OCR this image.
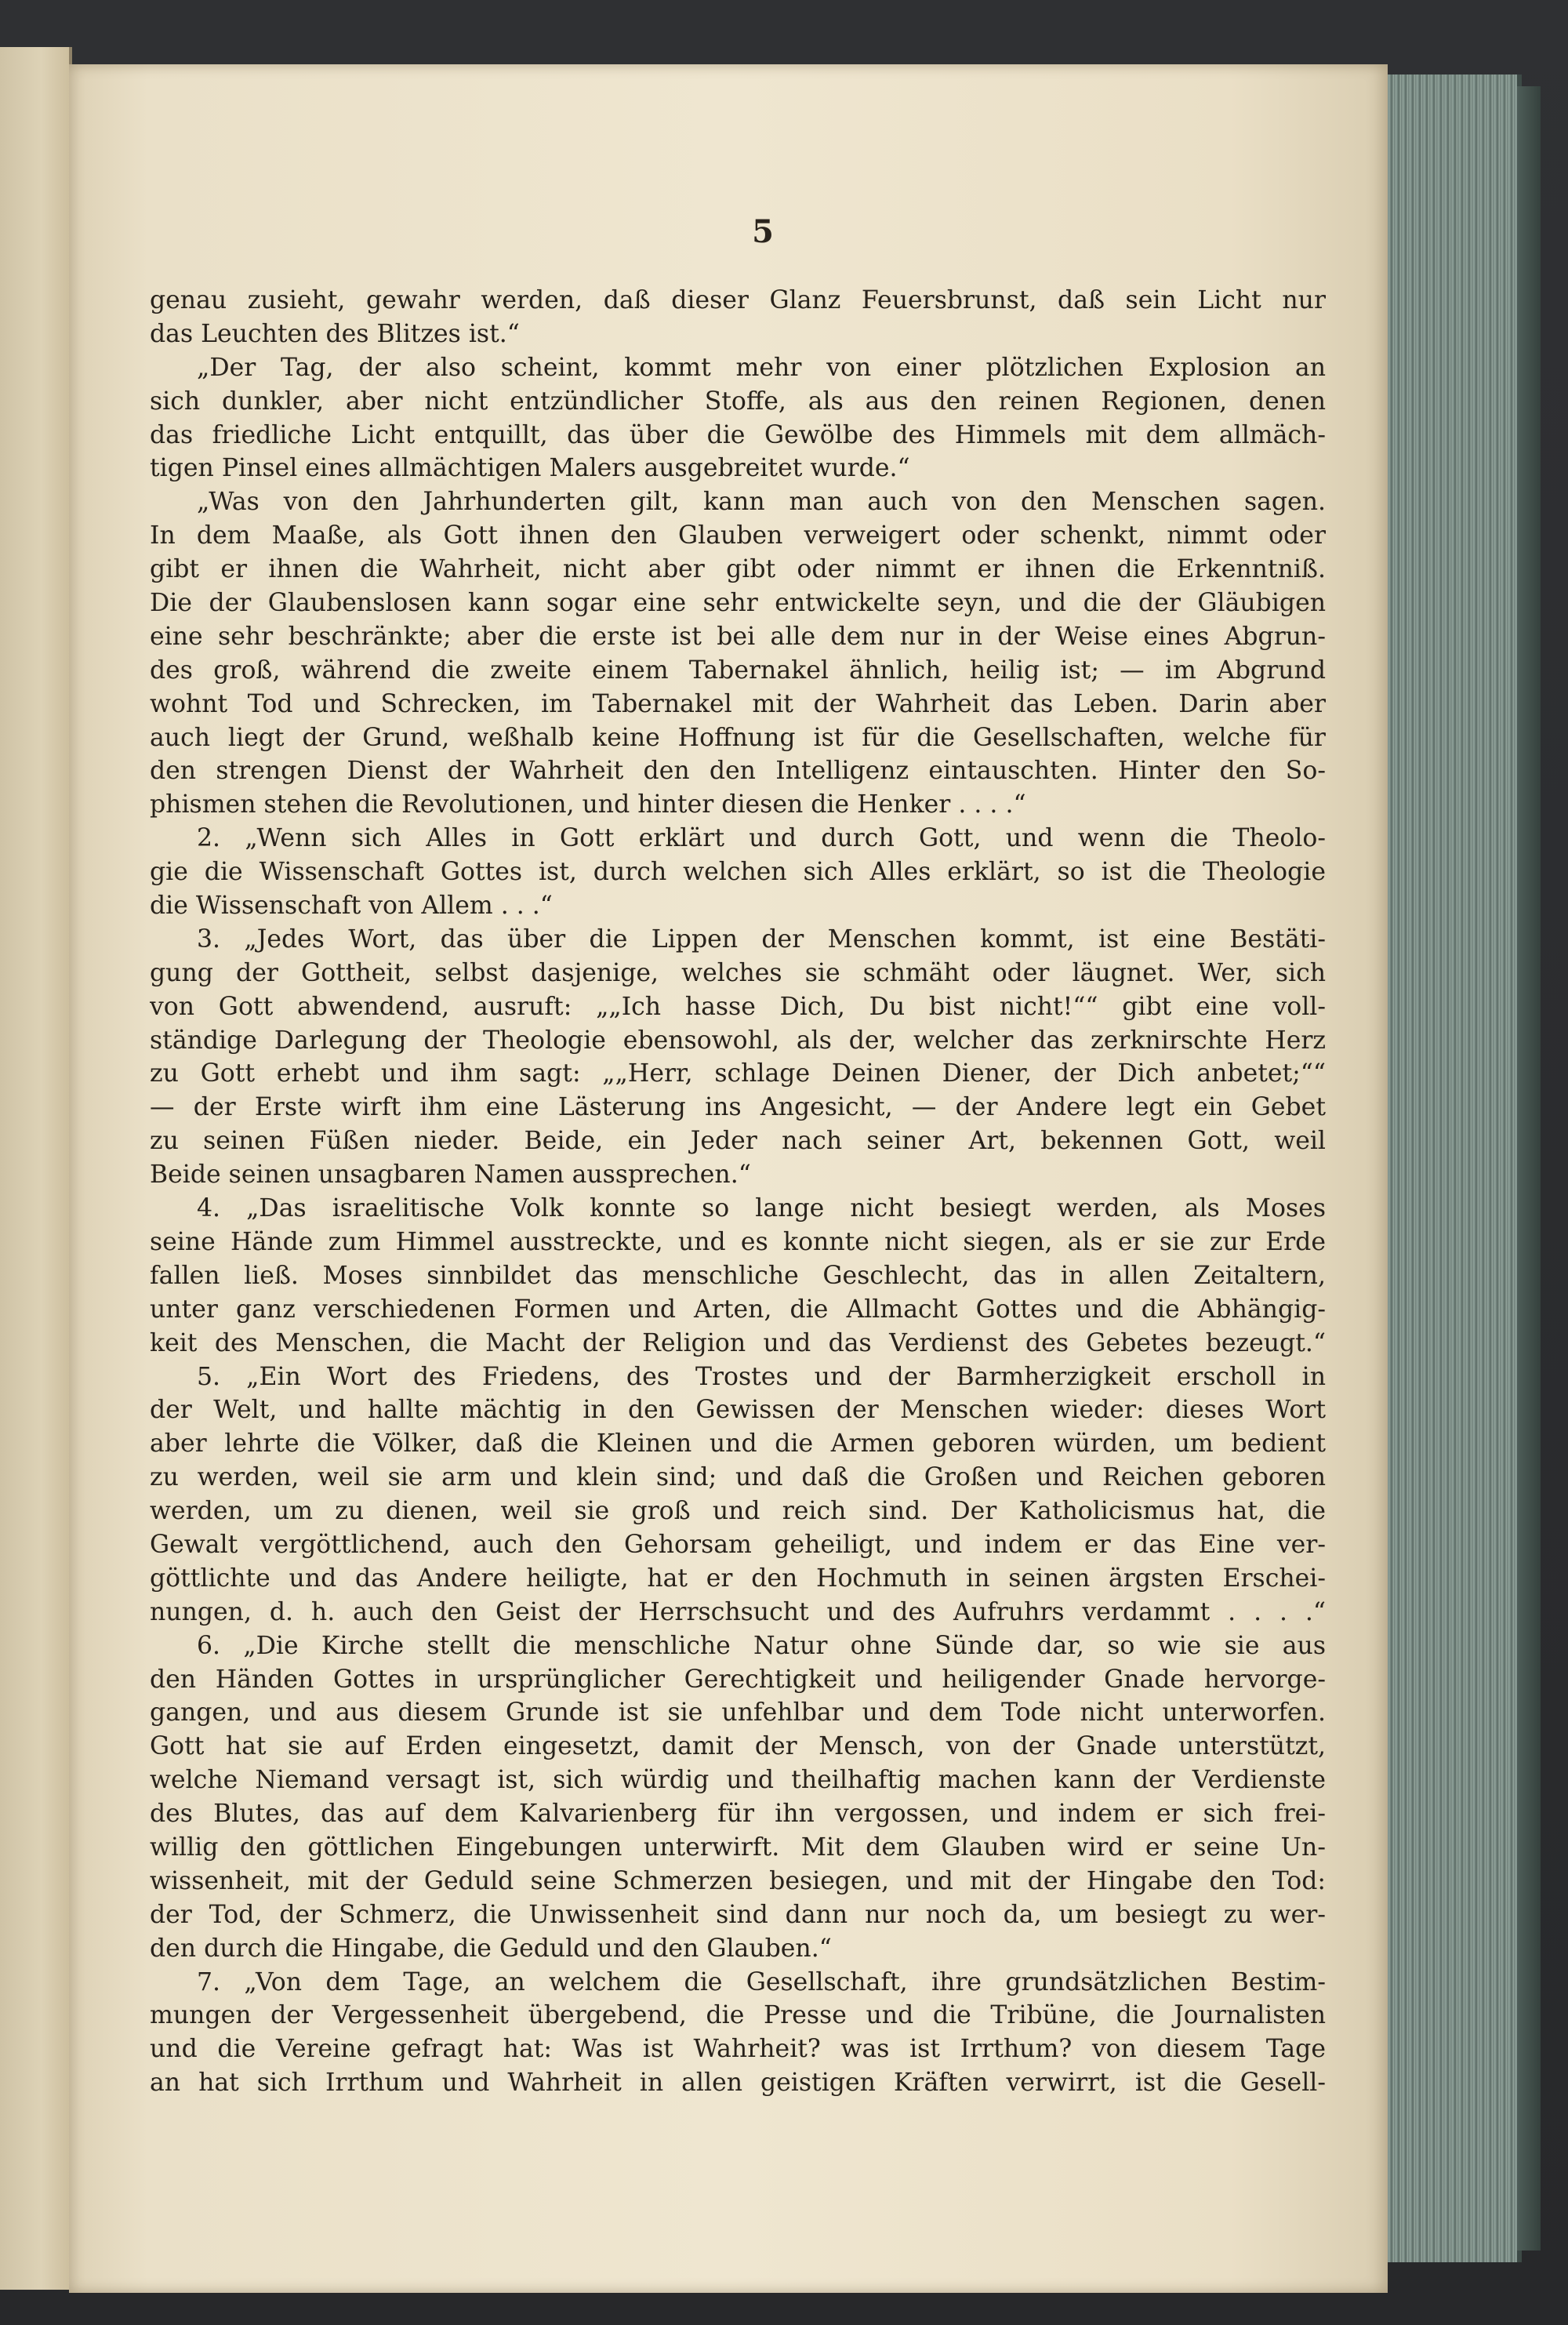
5
genau zusieht, gewahr werden, daß dieser Glanz Feuersbrunst, daß sein Licht nur
das Leuchten des Blitzes ist.“
„Der Tag, der also scheint, kommt mehr von einer plötzlichen Explosion an
sich dunkler, aber nicht entzündlicher Stoffe, als aus den reinen Regionen, denen
das friedliche Licht entquillt, das über die Gewölbe des Himmels mit dem allmäch-
tigen Pinsel eines allmächtigen Malers ausgebreitet wurde.“
„Was von den Jahrhunderten gilt, kann man auch von den Menschen sagen.
In dem Maaße, als Gott ihnen den Glauben verweigert oder schenkt, nimmt oder
gibt er ihnen die Wahrheit, nicht aber gibt oder nimmt er ihnen die Erkenntniß.
Die der Glaubenslosen kann sogar eine sehr entwickelte seyn, und die der Gläubigen
eine sehr beschränkte; aber die erste ist bei alle dem nur in der Weise eines Abgrun-
des groß, während die zweite einem Tabernakel ähnlich, heilig ist; — im Abgrund
wohnt Tod und Schrecken, im Tabernakel mit der Wahrheit das Leben. Darin aber
auch liegt der Grund, weßhalb keine Hoffnung ist für die Gesellschaften, welche für
den strengen Dienst der Wahrheit den den Intelligenz eintauschten. Hinter den So-
phismen stehen die Revolutionen, und hinter diesen die Henker . . . .“
2. „Wenn sich Alles in Gott erklärt und durch Gott, und wenn die Theolo-
gie die Wissenschaft Gottes ist, durch welchen sich Alles erklärt, so ist die Theologie
die Wissenschaft von Allem . . .“
3. „Jedes Wort, das über die Lippen der Menschen kommt, ist eine Bestäti-
gung der Gottheit, selbst dasjenige, welches sie schmäht oder läugnet. Wer, sich
von Gott abwendend, ausruft: „„Ich hasse Dich, Du bist nicht!““ gibt eine voll-
ständige Darlegung der Theologie ebensowohl, als der, welcher das zerknirschte Herz
zu Gott erhebt und ihm sagt: „„Herr, schlage Deinen Diener, der Dich anbetet;““
— der Erste wirft ihm eine Lästerung ins Angesicht, — der Andere legt ein Gebet
zu seinen Füßen nieder. Beide, ein Jeder nach seiner Art, bekennen Gott, weil
Beide seinen unsagbaren Namen aussprechen.“
4. „Das israelitische Volk konnte so lange nicht besiegt werden, als Moses
seine Hände zum Himmel ausstreckte, und es konnte nicht siegen, als er sie zur Erde
fallen ließ. Moses sinnbildet das menschliche Geschlecht, das in allen Zeitaltern,
unter ganz verschiedenen Formen und Arten, die Allmacht Gottes und die Abhängig-
keit des Menschen, die Macht der Religion und das Verdienst des Gebetes bezeugt.“
5. „Ein Wort des Friedens, des Trostes und der Barmherzigkeit erscholl in
der Welt, und hallte mächtig in den Gewissen der Menschen wieder: dieses Wort
aber lehrte die Völker, daß die Kleinen und die Armen geboren würden, um bedient
zu werden, weil sie arm und klein sind; und daß die Großen und Reichen geboren
werden, um zu dienen, weil sie groß und reich sind. Der Katholicismus hat, die
Gewalt vergöttlichend, auch den Gehorsam geheiligt, und indem er das Eine ver-
göttlichte und das Andere heiligte, hat er den Hochmuth in seinen ärgsten Erschei-
nungen, d. h. auch den Geist der Herrschsucht und des Aufruhrs verdammt . . . .“
6. „Die Kirche stellt die menschliche Natur ohne Sünde dar, so wie sie aus
den Händen Gottes in ursprünglicher Gerechtigkeit und heiligender Gnade hervorge-
gangen, und aus diesem Grunde ist sie unfehlbar und dem Tode nicht unterworfen.
Gott hat sie auf Erden eingesetzt, damit der Mensch, von der Gnade unterstützt,
welche Niemand versagt ist, sich würdig und theilhaftig machen kann der Verdienste
des Blutes, das auf dem Kalvarienberg für ihn vergossen, und indem er sich frei-
willig den göttlichen Eingebungen unterwirft. Mit dem Glauben wird er seine Un-
wissenheit, mit der Geduld seine Schmerzen besiegen, und mit der Hingabe den Tod:
der Tod, der Schmerz, die Unwissenheit sind dann nur noch da, um besiegt zu wer-
den durch die Hingabe, die Geduld und den Glauben.“
7. „Von dem Tage, an welchem die Gesellschaft, ihre grundsätzlichen Bestim-
mungen der Vergessenheit übergebend, die Presse und die Tribüne, die Journalisten
und die Vereine gefragt hat: Was ist Wahrheit? was ist Irrthum? von diesem Tage
an hat sich Irrthum und Wahrheit in allen geistigen Kräften verwirrt, ist die Gesell-
